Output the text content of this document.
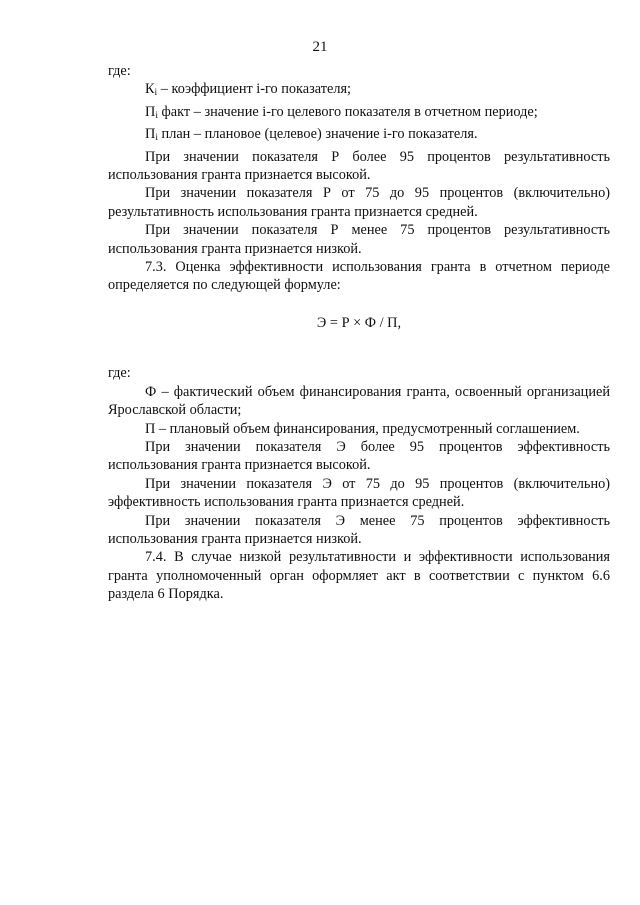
21

где:

$К_i$ – коэффициент i-го показателя;

$П_i$ факт – значение i-го целевого показателя в отчетном периоде;

$П_i$ план – плановое (целевое) значение i-го показателя.

При значении показателя Р более 95 процентов результативность использования гранта признается высокой.

При значении показателя Р от 75 до 95 процентов (включительно) результативность использования гранта признается средней.

При значении показателя Р менее 75 процентов результативность использования гранта признается низкой.

7.3. Оценка эффективности использования гранта в отчетном периоде определяется по следующей формуле:

Э = Р × Ф / П,

где:

Ф – фактический объем финансирования гранта, освоенный организацией Ярославской области;

П – плановый объем финансирования, предусмотренный соглашением.

При значении показателя Э более 95 процентов эффективность использования гранта признается высокой.

При значении показателя Э от 75 до 95 процентов (включительно) эффективность использования гранта признается средней.

При значении показателя Э менее 75 процентов эффективность использования гранта признается низкой.

7.4. В случае низкой результативности и эффективности использования гранта уполномоченный орган оформляет акт в соответствии с пунктом 6.6 раздела 6 Порядка.
